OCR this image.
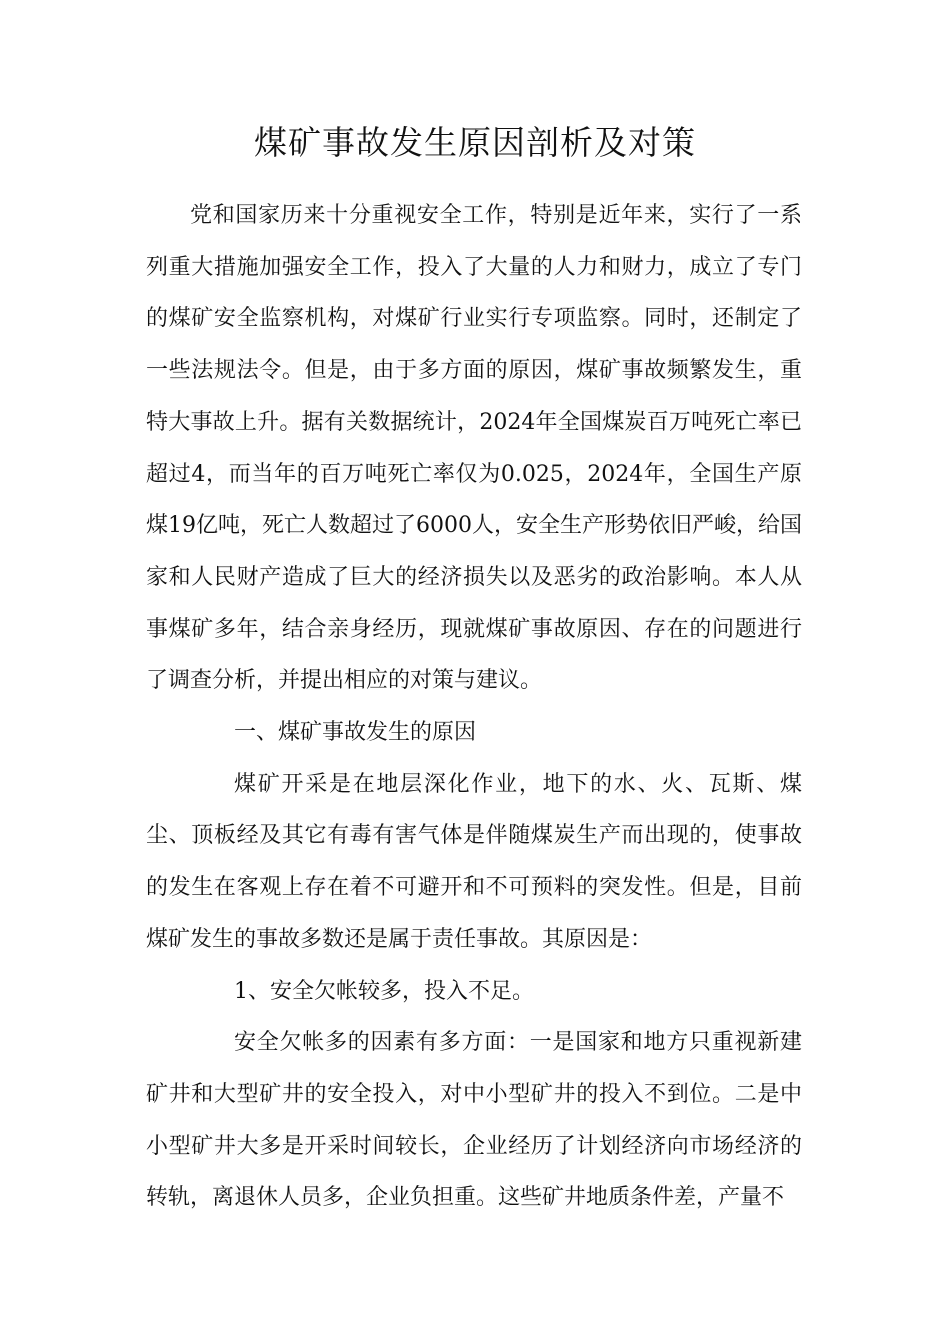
煤矿事故发生原因剖析及对策

党和国家历来十分重视安全工作，特别是近年来，实行了一系列重大措施加强安全工作，投入了大量的人力和财力，成立了专门的煤矿安全监察机构，对煤矿行业实行专项监察。同时，还制定了一些法规法令。但是，由于多方面的原因，煤矿事故频繁发生，重特大事故上升。据有关数据统计，2024年全国煤炭百万吨死亡率已超过4，而当年的百万吨死亡率仅为0.025，2024年，全国生产原煤19亿吨，死亡人数超过了6000人，安全生产形势依旧严峻，给国家和人民财产造成了巨大的经济损失以及恶劣的政治影响。本人从事煤矿多年，结合亲身经历，现就煤矿事故原因、存在的问题进行了调查分析，并提出相应的对策与建议。

一、煤矿事故发生的原因

煤矿开采是在地层深化作业，地下的水、火、瓦斯、煤尘、顶板经及其它有毒有害气体是伴随煤炭生产而出现的，使事故的发生在客观上存在着不可避开和不可预料的突发性。但是，目前煤矿发生的事故多数还是属于责任事故。其原因是：

1、安全欠帐较多，投入不足。

安全欠帐多的因素有多方面：一是国家和地方只重视新建矿井和大型矿井的安全投入，对中小型矿井的投入不到位。二是中小型矿井大多是开采时间较长，企业经历了计划经济向市场经济的转轨，离退休人员多，企业负担重。这些矿井地质条件差，产量不
